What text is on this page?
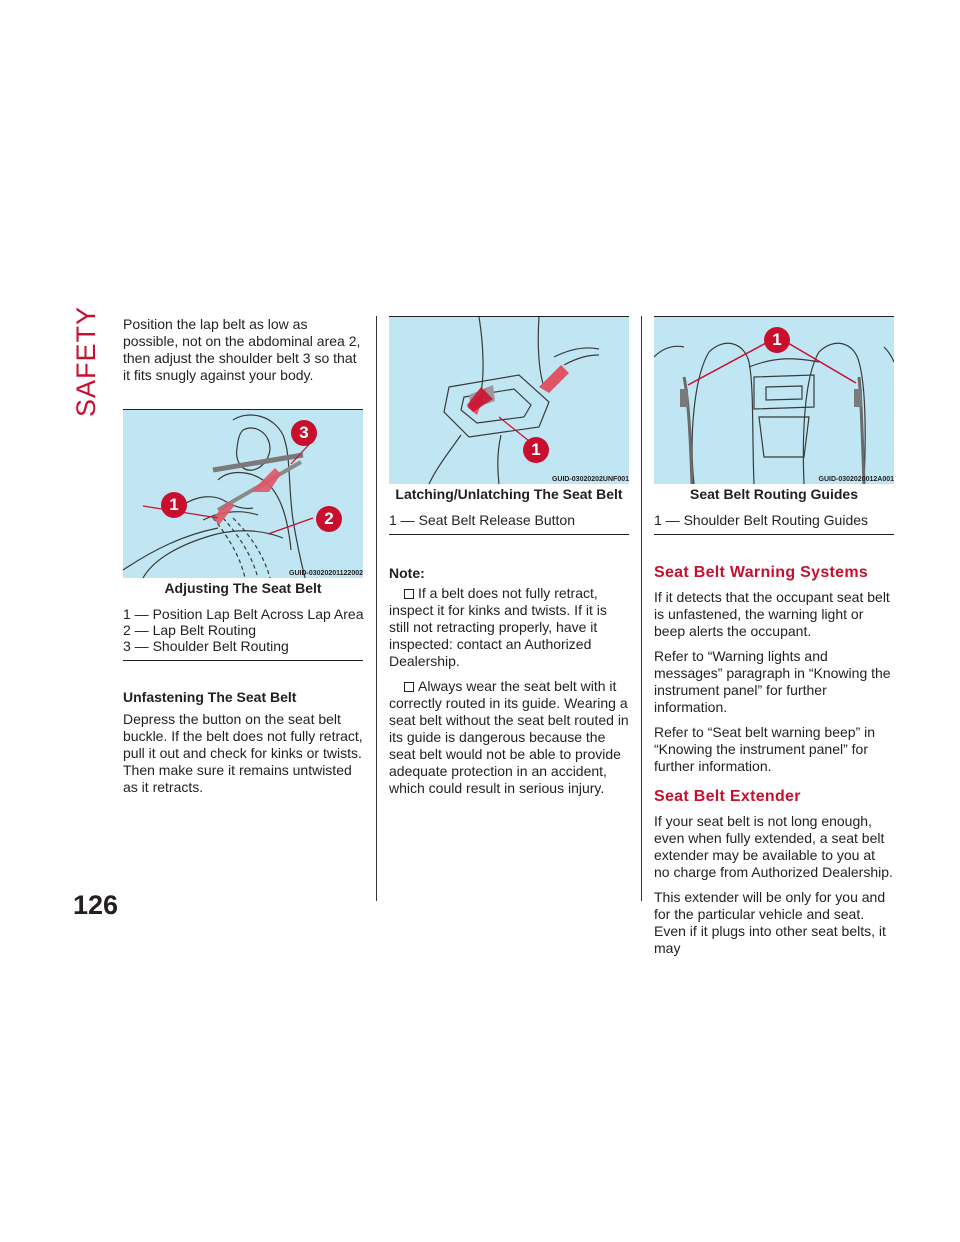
SAFETY
126

Position the lap belt as low as possible, not on the abdominal area 2, then adjust the shoulder belt 3 so that it fits snugly against your body.

3
1
2
GUID-03020201122002
Adjusting The Seat Belt
1 — Position Lap Belt Across Lap Area
2 — Lap Belt Routing
3 — Shoulder Belt Routing
Unfastening The Seat Belt

Depress the button on the seat belt buckle. If the belt does not fully retract, pull it out and check for kinks or twists. Then make sure it remains untwisted as it retracts.

1
GUID-03020202UNF001
Latching/Unlatching The Seat Belt
1 — Seat Belt Release Button
Note:

If a belt does not fully retract, inspect it for kinks and twists. If it is still not retracting properly, have it inspected: contact an Authorized Dealership.

Always wear the seat belt with it correctly routed in its guide. Wearing a seat belt without the seat belt routed in its guide is dangerous because the seat belt would not be able to provide adequate protection in an accident, which could result in serious injury.

1
GUID-0302020012A001
Seat Belt Routing Guides
1 — Shoulder Belt Routing Guides
Seat Belt Warning Systems

If it detects that the occupant seat belt is unfastened, the warning light or beep alerts the occupant.

Refer to “Warning lights and messages” paragraph in “Knowing the instrument panel” for further information.

Refer to “Seat belt warning beep” in “Knowing the instrument panel” for further information.

Seat Belt Extender

If your seat belt is not long enough, even when fully extended, a seat belt extender may be available to you at no charge from Authorized Dealership.

This extender will be only for you and for the particular vehicle and seat. Even if it plugs into other seat belts, it may
